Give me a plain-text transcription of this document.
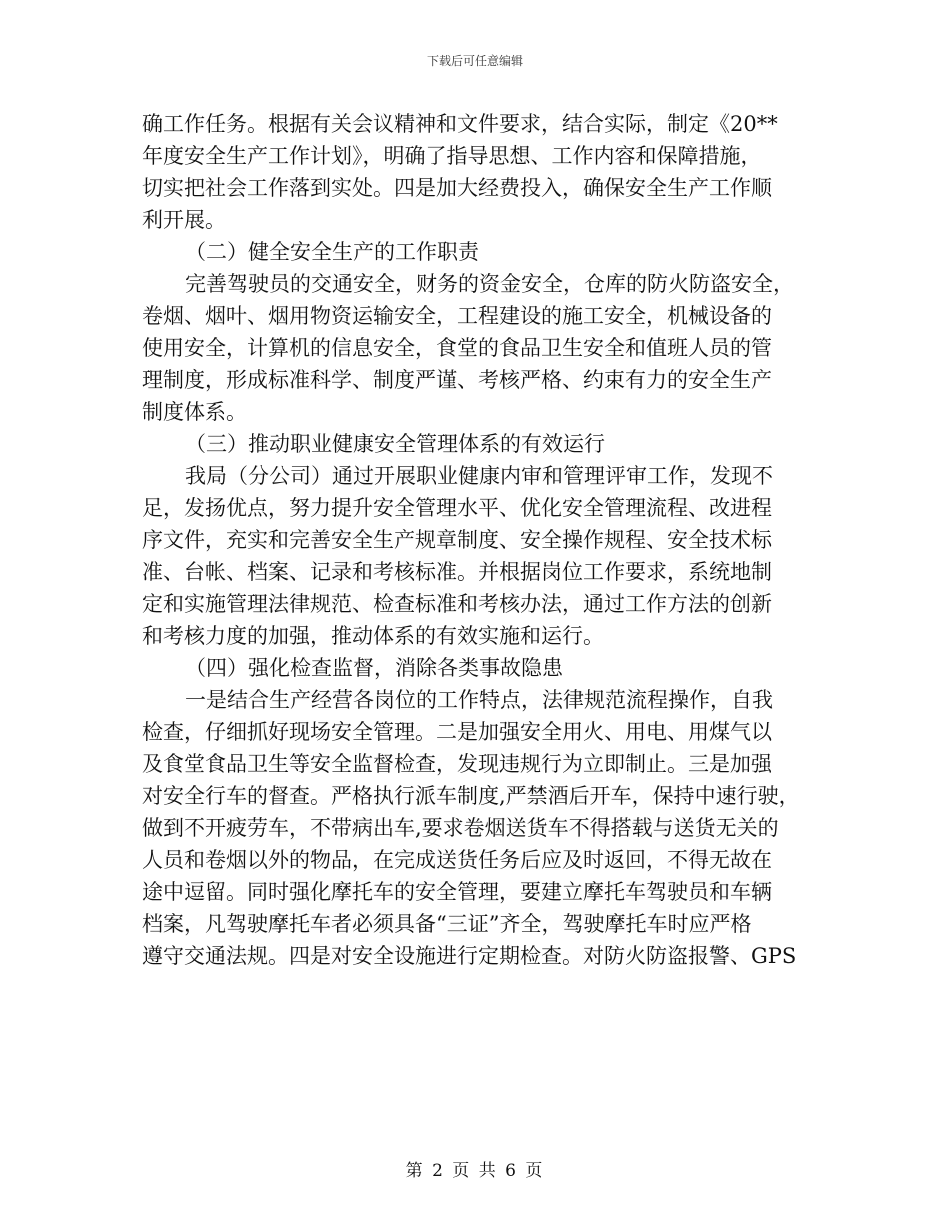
下载后可任意编辑
确工作任务。根据有关会议精神和文件要求，结合实际，制定《20**
年度安全生产工作计划》，明确了指导思想、工作内容和保障措施，
切实把社会工作落到实处。四是加大经费投入，确保安全生产工作顺
利开展。
（二）健全安全生产的工作职责
完善驾驶员的交通安全，财务的资金安全，仓库的防火防盗安全，
卷烟、烟叶、烟用物资运输安全，工程建设的施工安全，机械设备的
使用安全，计算机的信息安全，食堂的食品卫生安全和值班人员的管
理制度，形成标准科学、制度严谨、考核严格、约束有力的安全生产
制度体系。
（三）推动职业健康安全管理体系的有效运行
我局（分公司）通过开展职业健康内审和管理评审工作，发现不
足，发扬优点，努力提升安全管理水平、优化安全管理流程、改进程
序文件，充实和完善安全生产规章制度、安全操作规程、安全技术标
准、台帐、档案、记录和考核标准。并根据岗位工作要求，系统地制
定和实施管理法律规范、检查标准和考核办法，通过工作方法的创新
和考核力度的加强，推动体系的有效实施和运行。
（四）强化检查监督，消除各类事故隐患
一是结合生产经营各岗位的工作特点，法律规范流程操作，自我
检查，仔细抓好现场安全管理。二是加强安全用火、用电、用煤气以
及食堂食品卫生等安全监督检查，发现违规行为立即制止。三是加强
对安全行车的督查。严格执行派车制度,严禁酒后开车，保持中速行驶，
做到不开疲劳车，不带病出车,要求卷烟送货车不得搭载与送货无关的
人员和卷烟以外的物品，在完成送货任务后应及时返回，不得无故在
途中逗留。同时强化摩托车的安全管理，要建立摩托车驾驶员和车辆
档案，凡驾驶摩托车者必须具备“三证”齐全，驾驶摩托车时应严格
遵守交通法规。四是对安全设施进行定期检查。对防火防盗报警、GPS
第 2 页 共 6 页
